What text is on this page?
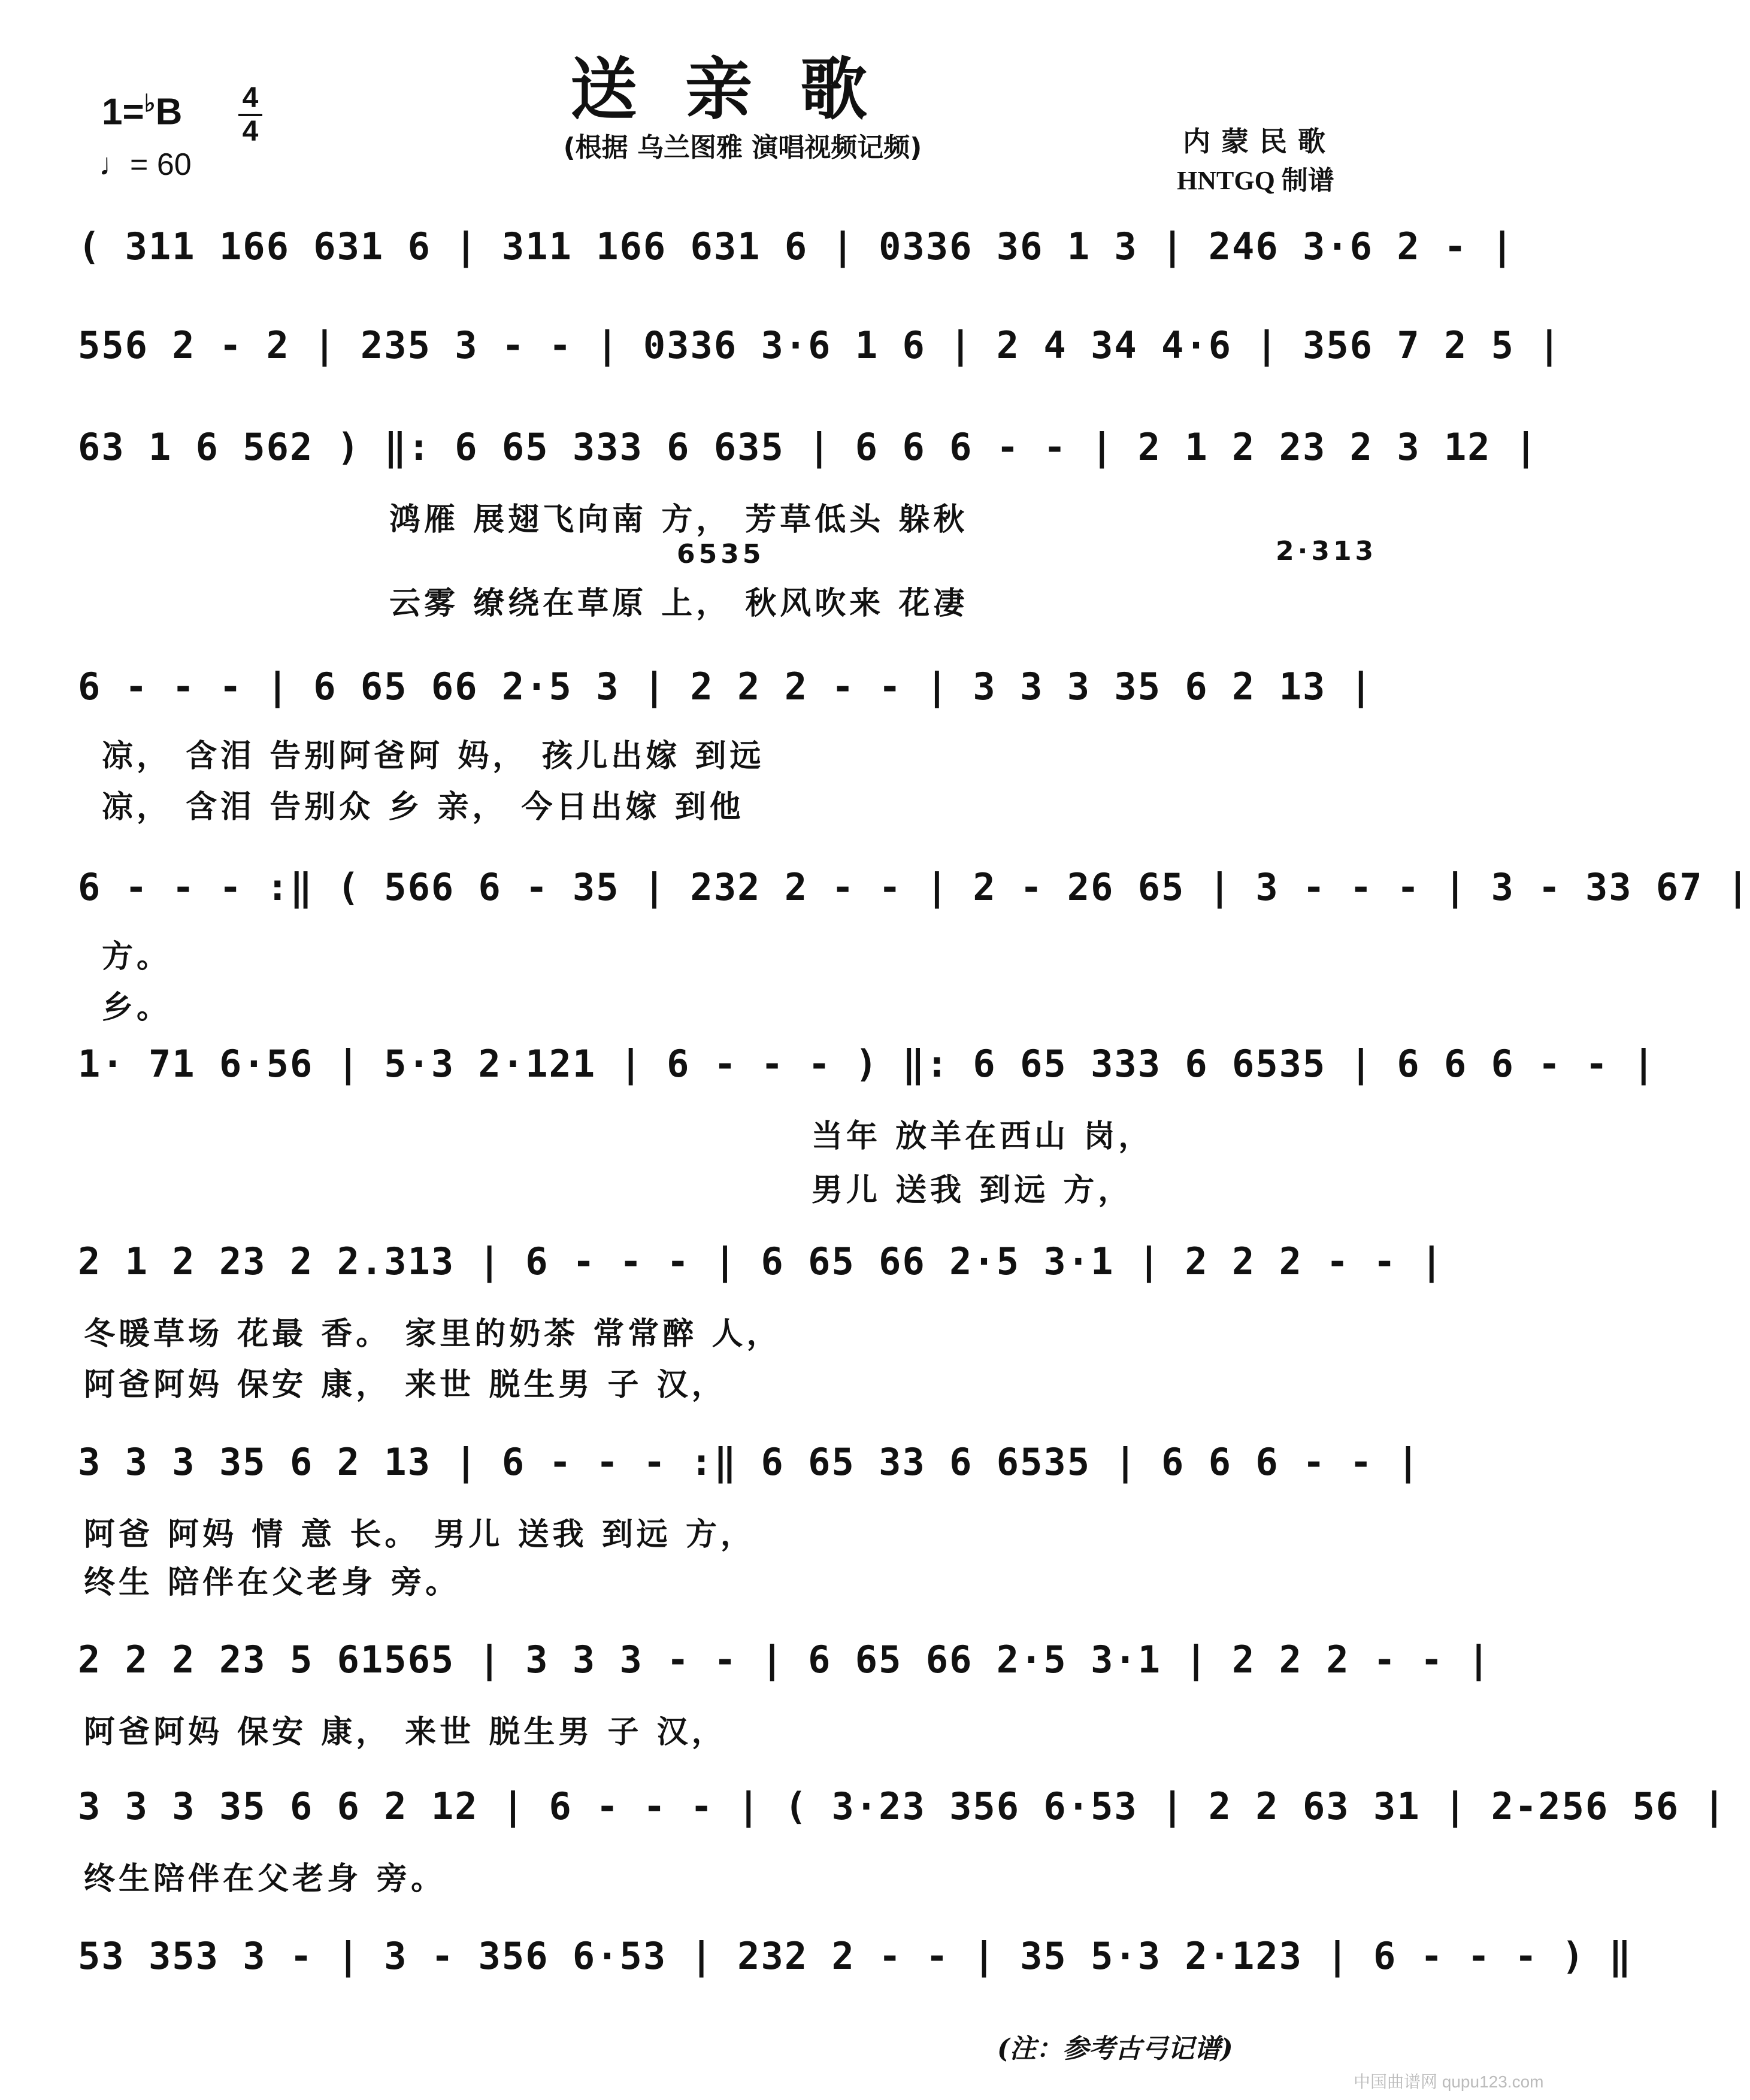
送亲歌
(根据 乌兰图雅 演唱视频记频)
1=♭B 4
4
♩= 60
内蒙民歌
HNTGQ 制谱
( 311 166 631 6 | 311 166 631 6 | 0336 36 1 3 | 246 3·6 2 - |
556 2 - 2 | 235 3 - - | 0336 3·6 1 6 | 2 4 34 4·6 | 356 7 2 5 |
63 1 6 562 ) ‖: 6 65 333 6 635 | 6 6 6 - - | 2 1 2 23 2 3 12 |
鸿雁 展翅飞向南 方， 芳草低头 躲秋
6535	2·313
云雾 缭绕在草原 上， 秋风吹来 花凄
6 - - - | 6 65 66 2·5 3 | 2 2 2 - - | 3 3 3 35 6 2 13 |
凉， 含泪 告别阿爸阿 妈， 孩儿出嫁 到远
凉， 含泪 告别众 乡 亲， 今日出嫁 到他
6 - - - :‖ ( 566 6 - 35 | 232 2 - - | 2 - 26 65 | 3 - - - | 3 - 33 67 |
方。
乡。
1· 71 6·56 | 5·3 2·121 | 6 - - - ) ‖: 6 65 333 6 6535 | 6 6 6 - - |
当年 放羊在西山 岗，
男儿 送我 到远 方，
2 1 2 23 2 2.313 | 6 - - - | 6 65 66 2·5 3·1 | 2 2 2 - - |
冬暖草场 花最 香。 家里的奶茶 常常醉 人，
阿爸阿妈 保安 康， 来世 脱生男 子 汉，
3 3 3 35 6 2 13 | 6 - - - :‖ 6 65 33 6 6535 | 6 6 6 - - |
阿爸 阿妈 情 意 长。 男儿 送我 到远 方，
终生 陪伴在父老身 旁。
2 2 2 23 5 61565 | 3 3 3 - - | 6 65 66 2·5 3·1 | 2 2 2 - - |
阿爸阿妈 保安 康， 来世 脱生男 子 汉，
3 3 3 35 6 6 2 12 | 6 - - - | ( 3·23 356 6·53 | 2 2 63 31 | 2-256 56 |
终生陪伴在父老身 旁。
53 353 3 - | 3 - 356 6·53 | 232 2 - - | 35 5·3 2·123 | 6 - - - ) ‖
(注：参考古弓记谱)
中国曲谱网 qupu123.com
